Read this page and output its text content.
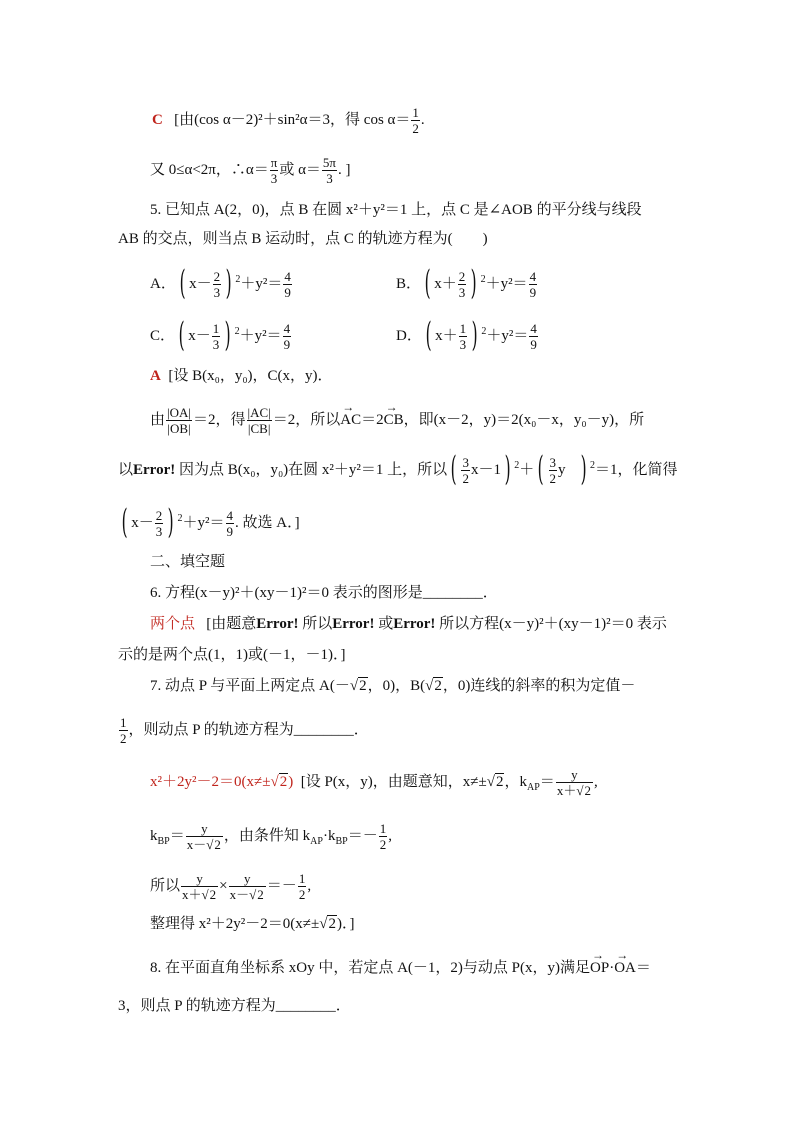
C [由(cos α－2)²＋sin²α＝3，得 $\cos \alpha= \frac{1}{2}$ .
又 0≤α<2π，∴α＝ $\frac{\pi}{3}$ 或 $\alpha= \frac{5\pi}{3}$ . ]
5. 已知点 A(2，0)，点 B 在圆 x²＋y²＝1 上，点 C 是∠AOB 的平分线与线段
AB 的交点，则当点 B 运动时，点 C 的轨迹方程为(　　)
A． ( $x- \frac{2}{3}$ ) $^2+y^2= \frac{4}{9}$	B． ( $x+ \frac{2}{3}$ ) $^2+y^2= \frac{4}{9}$
C． ( $x- \frac{1}{3}$ ) $^2+y^2= \frac{4}{9}$	D． ( $x+ \frac{1}{3}$ ) $^2+y^2= \frac{4}{9}$
A [设 B(x₀，y₀)，C(x，y)．
由 $\frac{|OA|}{|OB|} =2$，得 $\frac{|AC|}{|CB|} =2$，所以→ AC＝2→ CB，即(x－2，y)＝2(x₀－x，y₀－y)，所
以Error! 因为点 B(x₀，y₀)在圆 x²＋y²＝1 上，所以 ( $\frac{3}{2} x-1$ ) $^2$＋ ( $\frac{3}{2}$ y ) $^2$＝1，化简得
( $x- \frac{2}{3}$ ) $^2+y^2= \frac{4}{9}$ . 故选 A．]
二、填空题
6. 方程(x－y)²＋(xy－1)²＝0 表示的图形是________．
两个点 [由题意Error! 所以Error! 或Error! 所以方程(x－y)²＋(xy－1)²＝0 表示
示的是两个点(1，1)或(－1，－1)．]
7. 动点 P 与平面上两定点 A(－√2，0)，B(√2，0)连线的斜率的积为定值－
$\frac{1}{2}$ ，则动点 P 的轨迹方程为________．
x²＋2y²－2＝0(x≠±√2) [设 P(x，y)，由题意知，x≠±√2，$k_{AP}= \frac{y}{x+√2}$ ,
$k_{BP}= \frac{y}{x-√2}$ ，由条件知 $k_{AP}\cdot k_{BP}=- \frac{1}{2}$ ,
所以 $\frac{y}{x+√2} \times \frac{y}{x-√2} =- \frac{1}{2}$ ,
整理得 x²＋2y²－2＝0(x≠±√2)．]
8. 在平面直角坐标系 xOy 中，若定点 A(－1，2)与动点 P(x，y)满足→ OP·→ OA＝
3，则点 P 的轨迹方程为________．
